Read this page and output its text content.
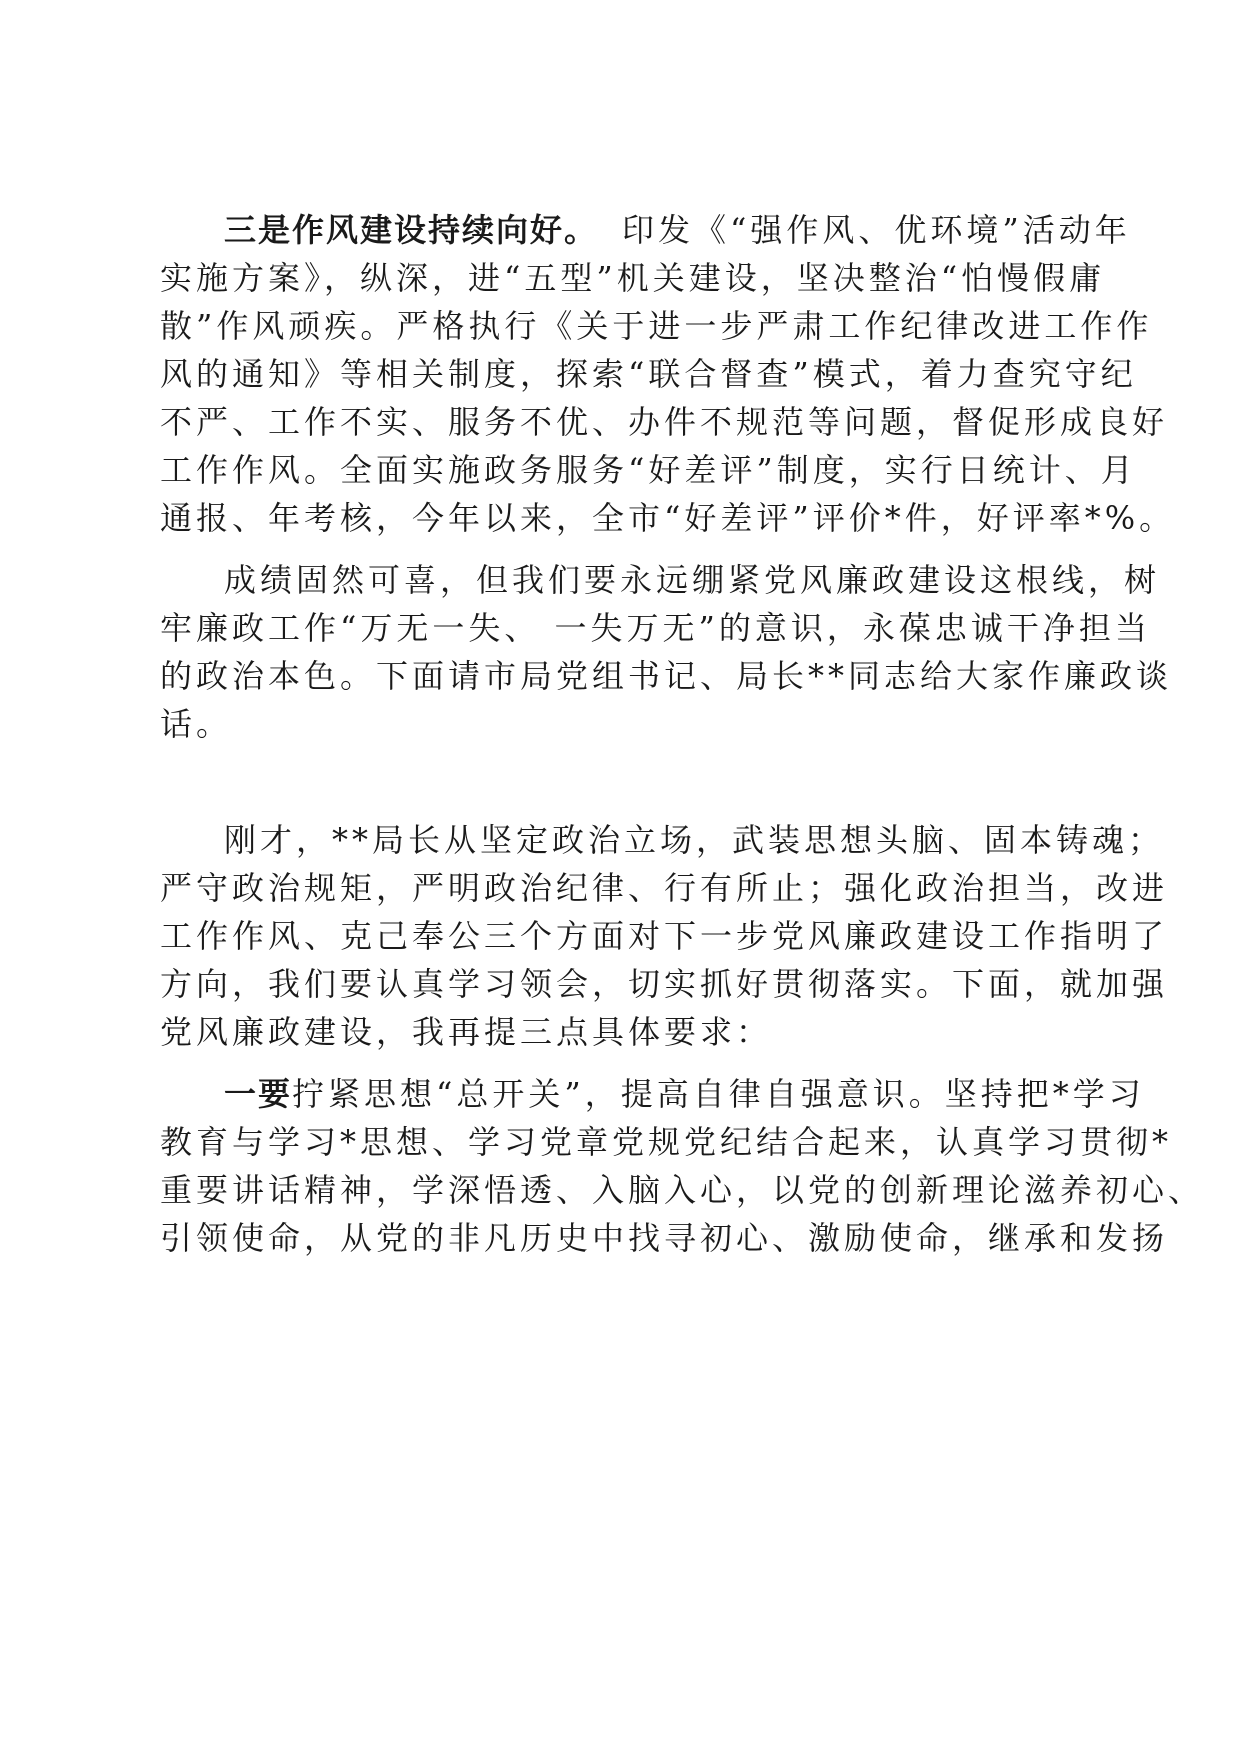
三是作风建设持续向好。 印发《“强作风、优环境”活动年
实施方案》，纵深，进“五型”机关建设，坚决整治“怕慢假庸
散”作风顽疾。严格执行《关于进一步严肃工作纪律改进工作作
风的通知》等相关制度，探索“联合督查”模式，着力查究守纪
不严、工作不实、服务不优、办件不规范等问题，督促形成良好
工作作风。全面实施政务服务“好差评”制度，实行日统计、月
通报、年考核，今年以来，全市“好差评”评价*件，好评率*%。
成绩固然可喜，但我们要永远绷紧党风廉政建设这根线，树
牢廉政工作“万无一失、 一失万无”的意识，永葆忠诚干净担当
的政治本色。下面请市局党组书记、局长**同志给大家作廉政谈
话。
刚才，**局长从坚定政治立场，武装思想头脑、固本铸魂；
严守政治规矩，严明政治纪律、行有所止；强化政治担当，改进
工作作风、克己奉公三个方面对下一步党风廉政建设工作指明了
方向，我们要认真学习领会，切实抓好贯彻落实。下面，就加强
党风廉政建设，我再提三点具体要求：
一要拧紧思想“总开关”，提高自律自强意识。坚持把*学习
教育与学习*思想、学习党章党规党纪结合起来，认真学习贯彻*
重要讲话精神，学深悟透、入脑入心，以党的创新理论滋养初心、
引领使命，从党的非凡历史中找寻初心、激励使命，继承和发扬
